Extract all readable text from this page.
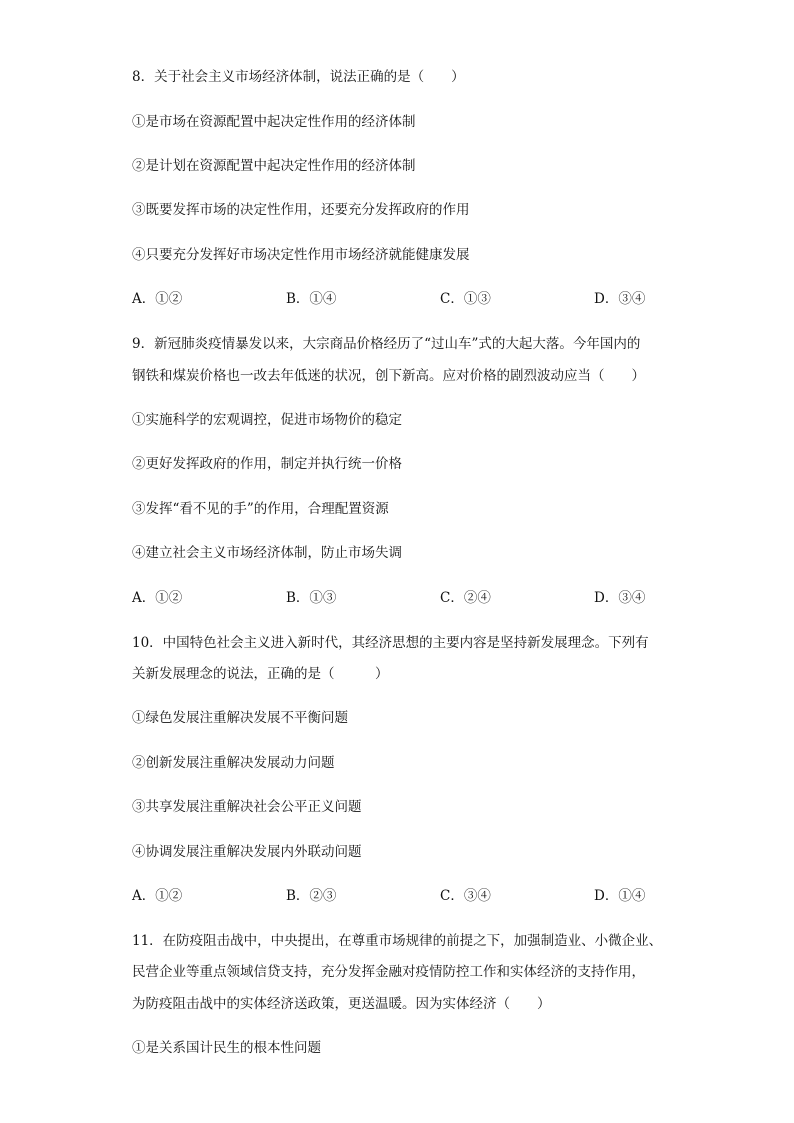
8．关于社会主义市场经济体制，说法正确的是（　　）
①是市场在资源配置中起决定性作用的经济体制
②是计划在资源配置中起决定性作用的经济体制
③既要发挥市场的决定性作用，还要充分发挥政府的作用
④只要充分发挥好市场决定性作用市场经济就能健康发展
A．①②	B．①④	C．①③	D．③④
9．新冠肺炎疫情暴发以来，大宗商品价格经历了“过山车”式的大起大落。今年国内的
钢铁和煤炭价格也一改去年低迷的状况，创下新高。应对价格的剧烈波动应当（　　）
①实施科学的宏观调控，促进市场物价的稳定
②更好发挥政府的作用，制定并执行统一价格
③发挥“看不见的手”的作用，合理配置资源
④建立社会主义市场经济体制，防止市场失调
A．①②	B．①③	C．②④	D．③④
10．中国特色社会主义进入新时代，其经济思想的主要内容是坚持新发展理念。下列有
关新发展理念的说法，正确的是（　　　）
①绿色发展注重解决发展不平衡问题
②创新发展注重解决发展动力问题
③共享发展注重解决社会公平正义问题
④协调发展注重解决发展内外联动问题
A．①②	B．②③	C．③④	D．①④
11．在防疫阻击战中，中央提出，在尊重市场规律的前提之下，加强制造业、小微企业、
民营企业等重点领域信贷支持，充分发挥金融对疫情防控工作和实体经济的支持作用，
为防疫阻击战中的实体经济送政策，更送温暖。因为实体经济（　　）
①是关系国计民生的根本性问题
